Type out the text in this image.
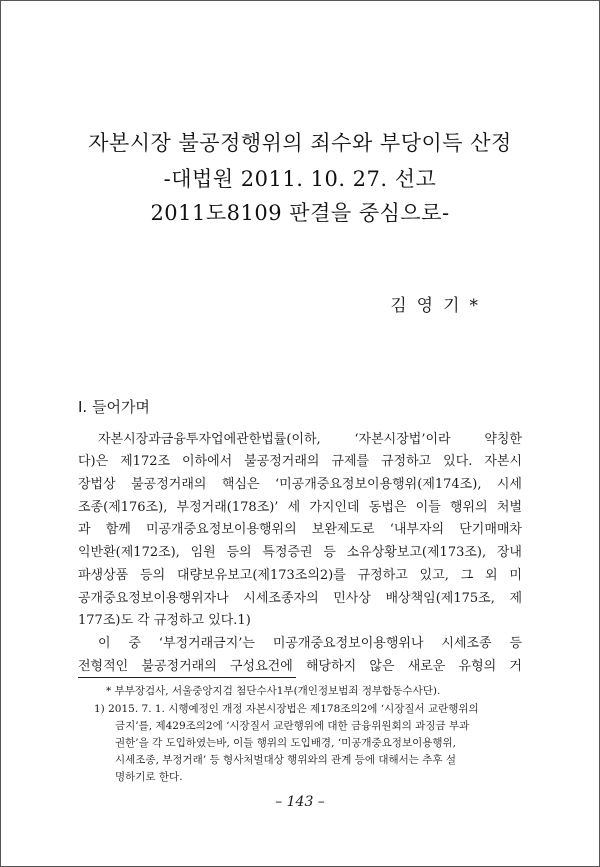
자본시장 불공정행위의 죄수와 부당이득 산정
-대법원 2011. 10. 27. 선고
2011도8109 판결을 중심으로-
김영기*
Ⅰ. 들어가며
자본시장과금융투자업에관한법률(이하, ‘자본시장법’이라 약칭한
다)은 제172조 이하에서 불공정거래의 규제를 규정하고 있다. 자본시
장법상 불공정거래의 핵심은 ‘미공개중요정보이용행위(제174조), 시세
조종(제176조), 부정거래(178조)’ 세 가지인데 동법은 이들 행위의 처벌
과 함께 미공개중요정보이용행위의 보완제도로 ‘내부자의 단기매매차
익반환(제172조), 임원 등의 특정증권 등 소유상황보고(제173조), 장내
파생상품 등의 대량보유보고(제173조의2)를 규정하고 있고, 그 외 미
공개중요정보이용행위자나 시세조종자의 민사상 배상책임(제175조, 제
177조)도 각 규정하고 있다.1)
이 중 ‘부정거래금지’는 미공개중요정보이용행위나 시세조종 등
전형적인 불공정거래의 구성요건에 해당하지 않은 새로운 유형의 거
* 부부장검사, 서울중앙지검 첨단수사1부(개인정보범죄 정부합동수사단).
1) 2015. 7. 1. 시행예정인 개정 자본시장법은 제178조의2에 ‘시장질서 교란행위의
금지’를, 제429조의2에 ‘시장질서 교란행위에 대한 금융위원회의 과징금 부과
권한’을 각 도입하였는바, 이들 행위의 도입배경, ‘미공개중요정보이용행위,
시세조종, 부정거래’ 등 형사처벌대상 행위와의 관계 등에 대해서는 추후 설
명하기로 한다.
– 143 –
